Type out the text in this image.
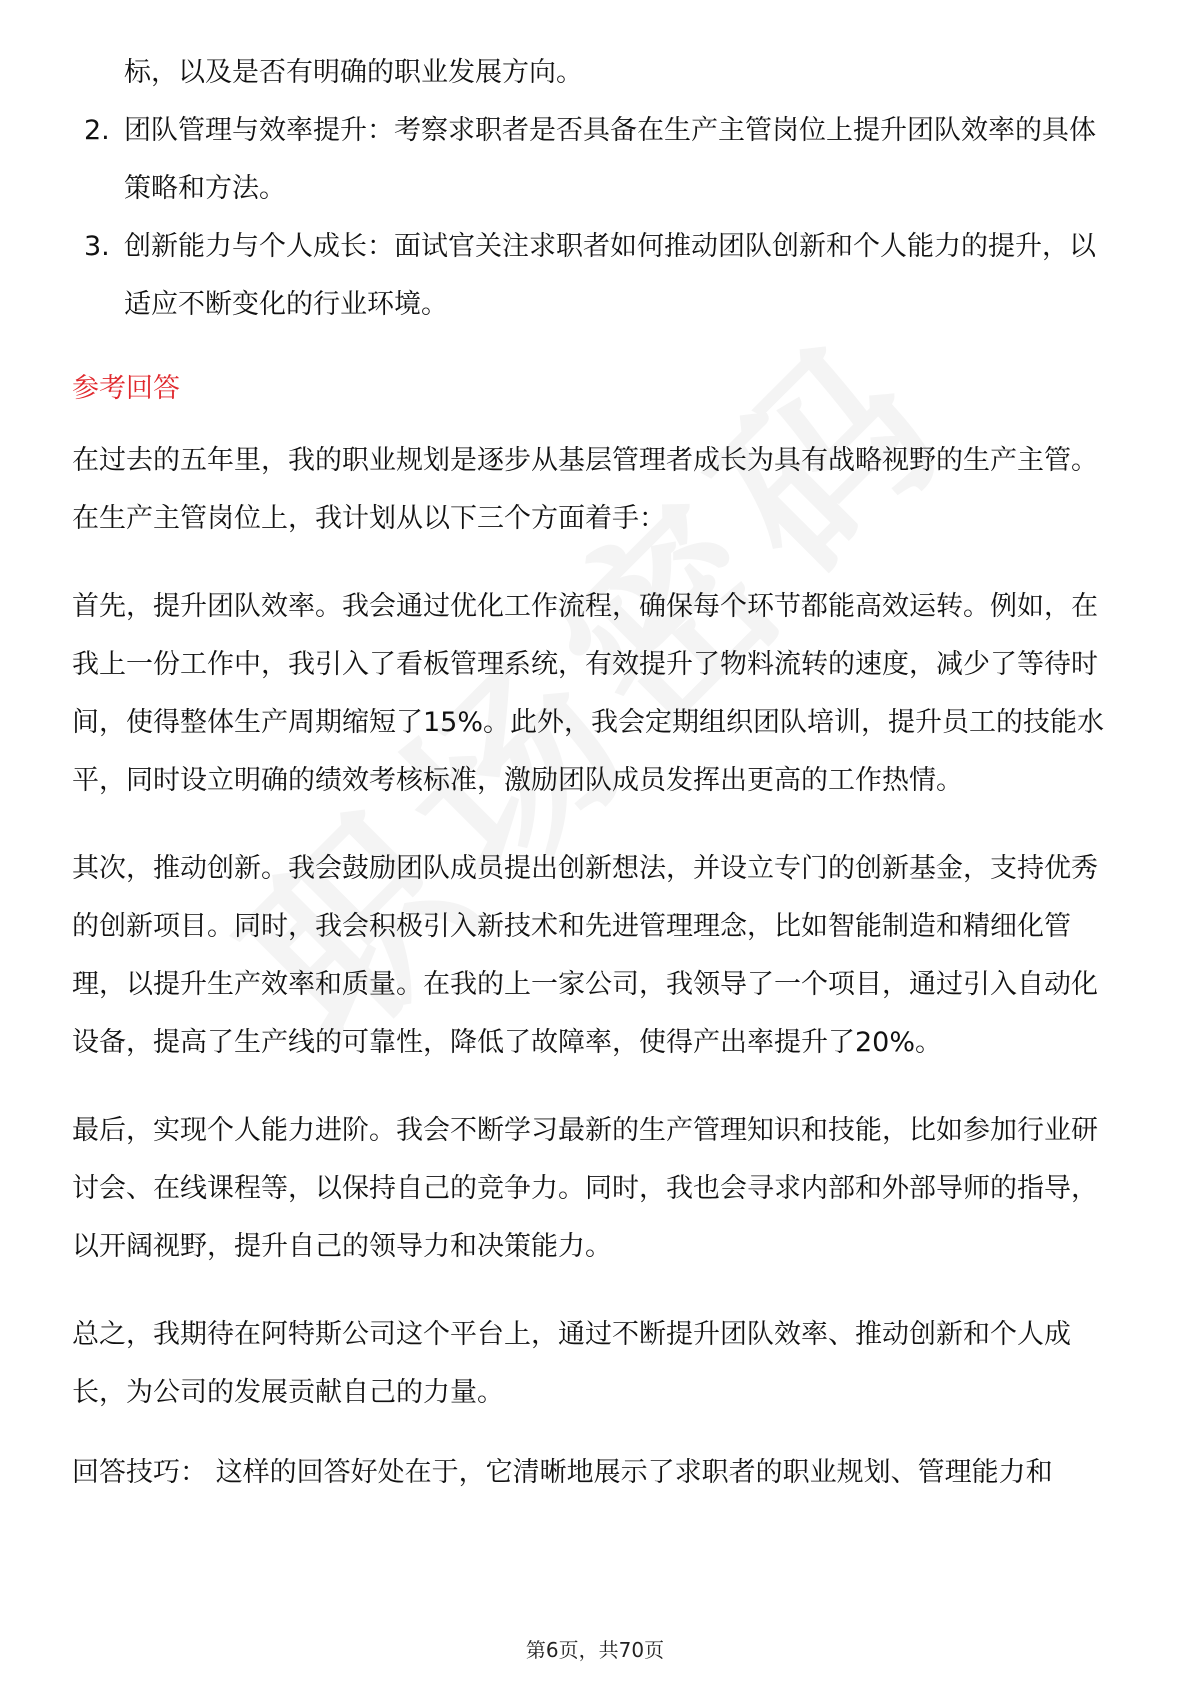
标，以及是否有明确的职业发展方向。
2. 团队管理与效率提升：考察求职者是否具备在生产主管岗位上提升团队效率的具体策略和方法。
3. 创新能力与个人成长：面试官关注求职者如何推动团队创新和个人能力的提升，以适应不断变化的行业环境。
参考回答

在过去的五年里，我的职业规划是逐步从基层管理者成长为具有战略视野的生产主管。在生产主管岗位上，我计划从以下三个方面着手：

首先，提升团队效率。我会通过优化工作流程，确保每个环节都能高效运转。例如，在我上一份工作中，我引入了看板管理系统，有效提升了物料流转的速度，减少了等待时间，使得整体生产周期缩短了15%。此外，我会定期组织团队培训，提升员工的技能水平，同时设立明确的绩效考核标准，激励团队成员发挥出更高的工作热情。

其次，推动创新。我会鼓励团队成员提出创新想法，并设立专门的创新基金，支持优秀的创新项目。同时，我会积极引入新技术和先进管理理念，比如智能制造和精细化管理，以提升生产效率和质量。在我的上一家公司，我领导了一个项目，通过引入自动化设备，提高了生产线的可靠性，降低了故障率，使得产出率提升了20%。

最后，实现个人能力进阶。我会不断学习最新的生产管理知识和技能，比如参加行业研讨会、在线课程等，以保持自己的竞争力。同时，我也会寻求内部和外部导师的指导，以开阔视野，提升自己的领导力和决策能力。

总之，我期待在阿特斯公司这个平台上，通过不断提升团队效率、推动创新和个人成长，为公司的发展贡献自己的力量。

回答技巧： 这样的回答好处在于，它清晰地展示了求职者的职业规划、管理能力和
第6页，共70页
